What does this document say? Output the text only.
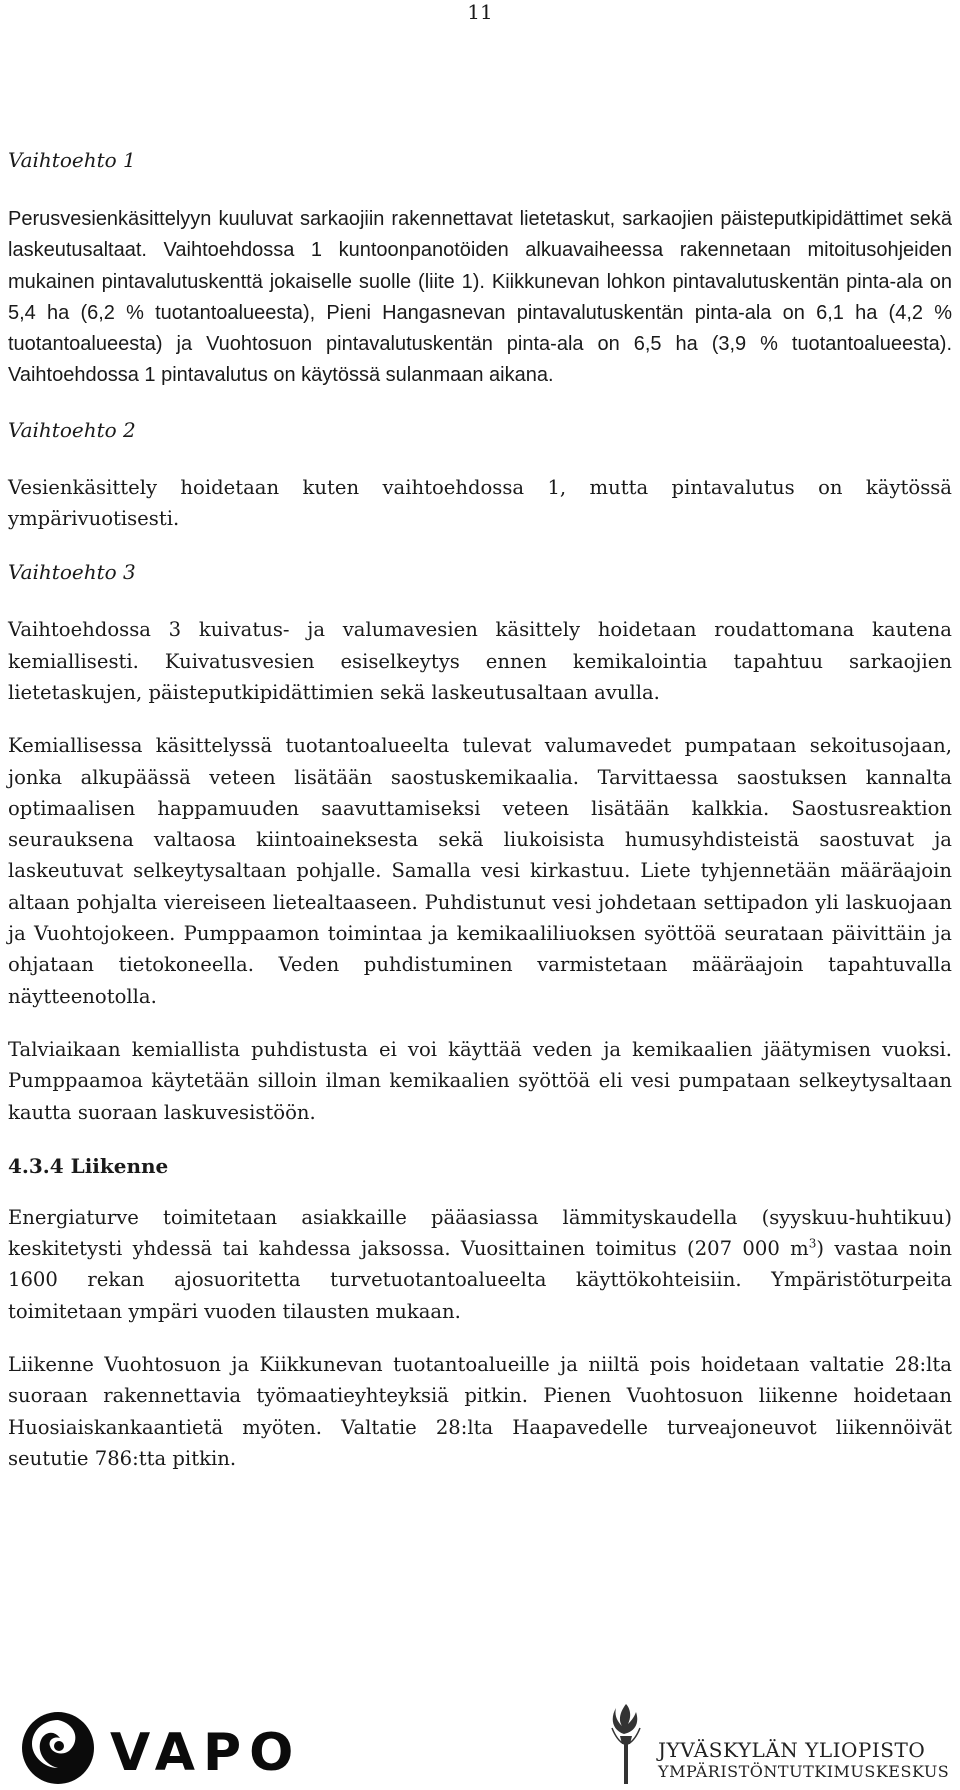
11

Vaihtoehto 1

Perusvesienkäsittelyyn kuuluvat sarkaojiin rakennettavat lietetaskut, sarkaojien päisteputkipidättimet sekä laskeutusaltaat. Vaihtoehdossa 1 kuntoonpanotöiden alkuavaiheessa rakennetaan mitoitusohjeiden mukainen pintavalutuskenttä jokaiselle suolle (liite 1). Kiikkunevan lohkon pintavalutuskentän pinta-ala on 5,4 ha (6,2 % tuotantoalueesta), Pieni Hangasnevan pintavalutuskentän pinta-ala on 6,1 ha (4,2 % tuotantoalueesta) ja Vuohtosuon pintavalutuskentän pinta-ala on 6,5 ha (3,9 % tuotantoalueesta). Vaihtoehdossa 1 pintavalutus on käytössä sulanmaan aikana.

Vaihtoehto 2

Vesienkäsittely hoidetaan kuten vaihtoehdossa 1, mutta pintavalutus on käytössä ympärivuotisesti.

Vaihtoehto 3

Vaihtoehdossa 3 kuivatus- ja valumavesien käsittely hoidetaan roudattomana kautena kemiallisesti. Kuivatusvesien esiselkeytys ennen kemikalointia tapahtuu sarkaojien lietetaskujen, päisteputkipidättimien sekä laskeutusaltaan avulla.

Kemiallisessa käsittelyssä tuotantoalueelta tulevat valumavedet pumpataan sekoitusojaan, jonka alkupäässä veteen lisätään saostuskemikaalia. Tarvittaessa saostuksen kannalta optimaalisen happamuuden saavuttamiseksi veteen lisätään kalkkia. Saostusreaktion seurauksena valtaosa kiintoaineksesta sekä liukoisista humusyhdisteistä saostuvat ja laskeutuvat selkeytysaltaan pohjalle. Samalla vesi kirkastuu. Liete tyhjennetään määräajoin altaan pohjalta viereiseen lietealtaaseen. Puhdistunut vesi johdetaan settipadon yli laskuojaan ja Vuohtojokeen. Pumppaamon toimintaa ja kemikaaliliuoksen syöttöä seurataan päivittäin ja ohjataan tietokoneella. Veden puhdistuminen varmistetaan määräajoin tapahtuvalla näytteenotolla.

Talviaikaan kemiallista puhdistusta ei voi käyttää veden ja kemikaalien jäätymisen vuoksi. Pumppaamoa käytetään silloin ilman kemikaalien syöttöä eli vesi pumpataan selkeytysaltaan kautta suoraan laskuvesistöön.

4.3.4 Liikenne

Energiaturve toimitetaan asiakkaille pääasiassa lämmityskaudella (syyskuu-huhtikuu) keskitetysti yhdessä tai kahdessa jaksossa. Vuosittainen toimitus (207 000 $m^3$) vastaa noin 1600 rekan ajosuoritetta turvetuotantoalueelta käyttökohteisiin. Ympäristöturpeita toimitetaan ympäri vuoden tilausten mukaan.

Liikenne Vuohtosuon ja Kiikkunevan tuotantoalueille ja niiltä pois hoidetaan valtatie 28:lta suoraan rakennettavia työmaatieyhteyksiä pitkin. Pienen Vuohtosuon liikenne hoidetaan Huosiaiskankaantietä myöten. Valtatie 28:lta Haapavedelle turveajoneuvot liikennöivät seututie 786:tta pitkin.

VAPO	JYVÄSKYLÄN YLIOPISTO
YMPÄRISTÖNTUTKIMUSKESKUS
